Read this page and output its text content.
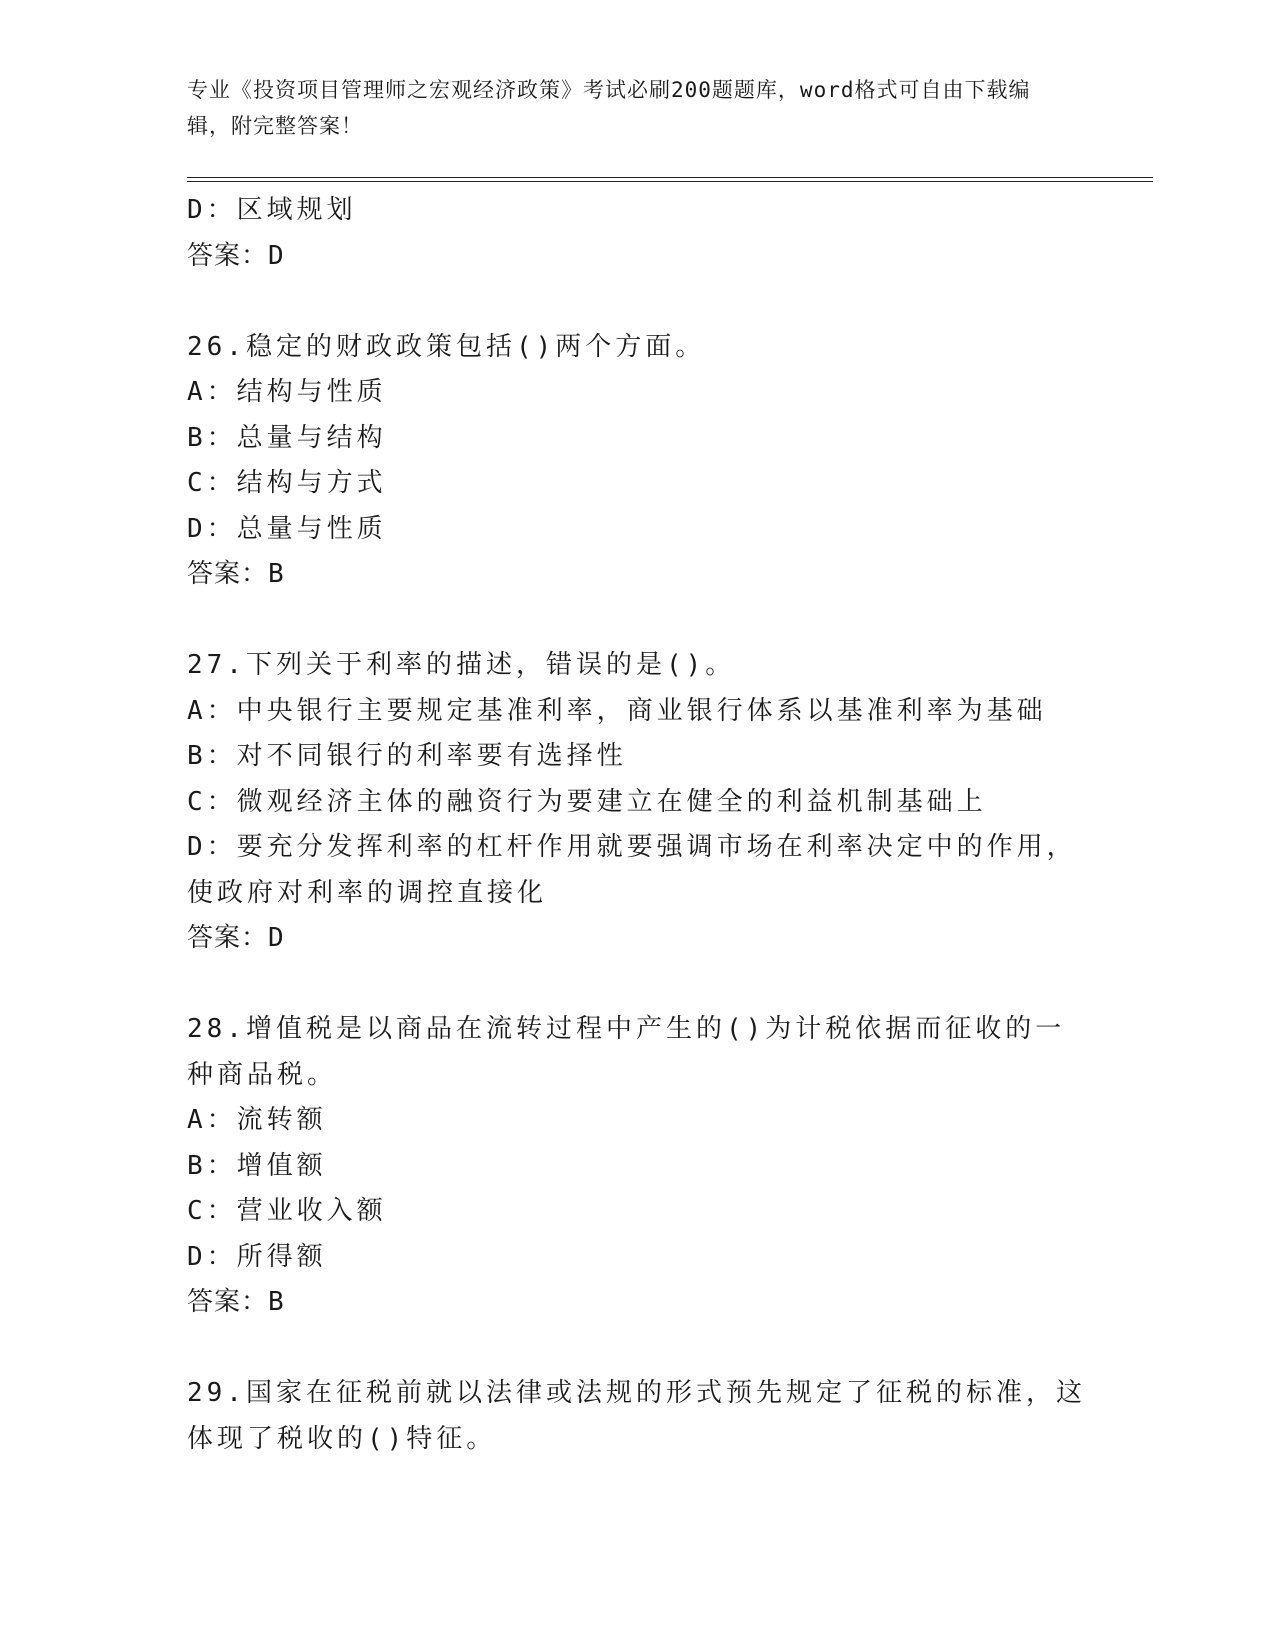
专业《投资项目管理师之宏观经济政策》考试必刷200题题库，word格式可自由下载编辑，附完整答案！
D：区域规划
答案：D
26.稳定的财政政策包括()两个方面。
A：结构与性质
B：总量与结构
C：结构与方式
D：总量与性质
答案：B
27.下列关于利率的描述，错误的是()。
A：中央银行主要规定基准利率，商业银行体系以基准利率为基础
B：对不同银行的利率要有选择性
C：微观经济主体的融资行为要建立在健全的利益机制基础上
D：要充分发挥利率的杠杆作用就要强调市场在利率决定中的作用，使政府对利率的调控直接化
答案：D
28.增值税是以商品在流转过程中产生的()为计税依据而征收的一种商品税。
A：流转额
B：增值额
C：营业收入额
D：所得额
答案：B
29.国家在征税前就以法律或法规的形式预先规定了征税的标准，这体现了税收的()特征。
